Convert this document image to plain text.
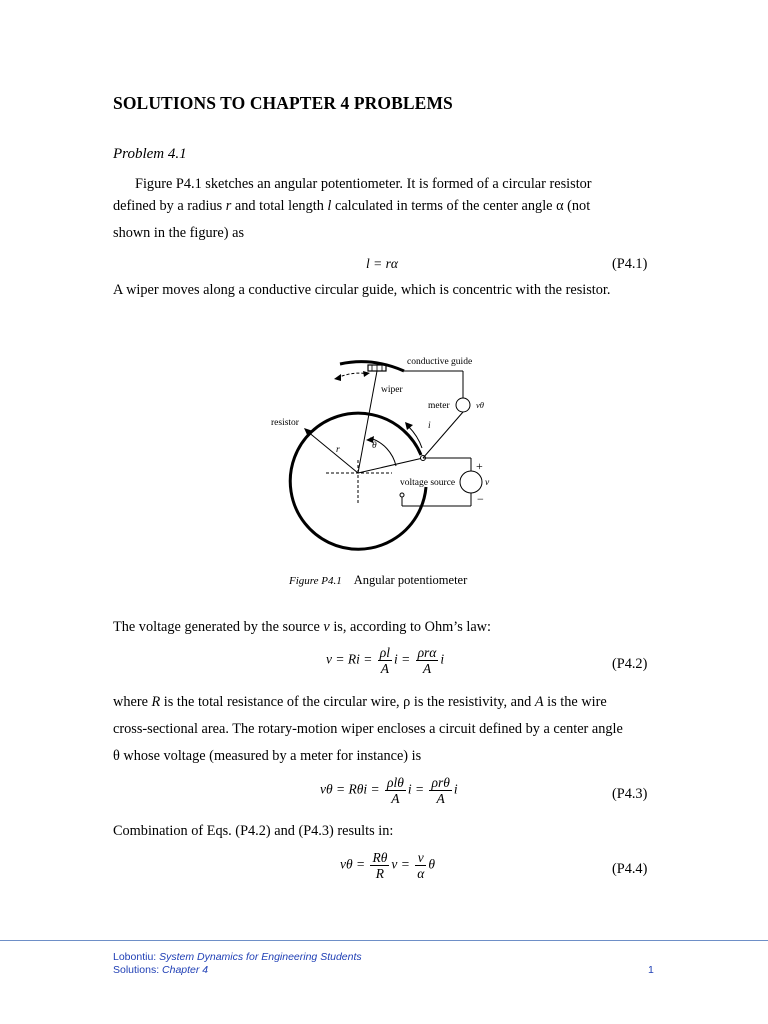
SOLUTIONS TO CHAPTER 4 PROBLEMS
Problem 4.1
Figure P4.1 sketches an angular potentiometer. It is formed of a circular resistor
defined by a radius r and total length l calculated in terms of the center angle α (not
shown in the figure) as
l = rα	(P4.1)
A wiper moves along a conductive circular guide, which is concentric with the resistor.
conductive guide
wiper
meter	vθ
resistor
r	θ
i
+
−
voltage source	v
Figure P4.1 Angular potentiometer
The voltage generated by the source v is, according to Ohm’s law:
$v = Ri = \frac{\rho l}{A}$ $i = \frac{\text{ρrα}}{A}$ i	(P4.2)
where R is the total resistance of the circular wire, ρ is the resistivity, and A is the wire
cross-sectional area. The rotary-motion wiper encloses a circuit defined by a center angle
θ whose voltage (measured by a meter for instance) is
$v\theta = R\theta i = \frac{\text{ρlθ}}{A}$ $i = \frac{\text{ρrθ}}{A}$ i	(P4.3)
Combination of Eqs. (P4.2) and (P4.3) results in:
$v\theta = \frac{R\theta}{R}$ $v = \frac{v}{\alpha}$ θ	(P4.4)
Lobontiu: System Dynamics for Engineering Students
Solutions: Chapter 4	1
